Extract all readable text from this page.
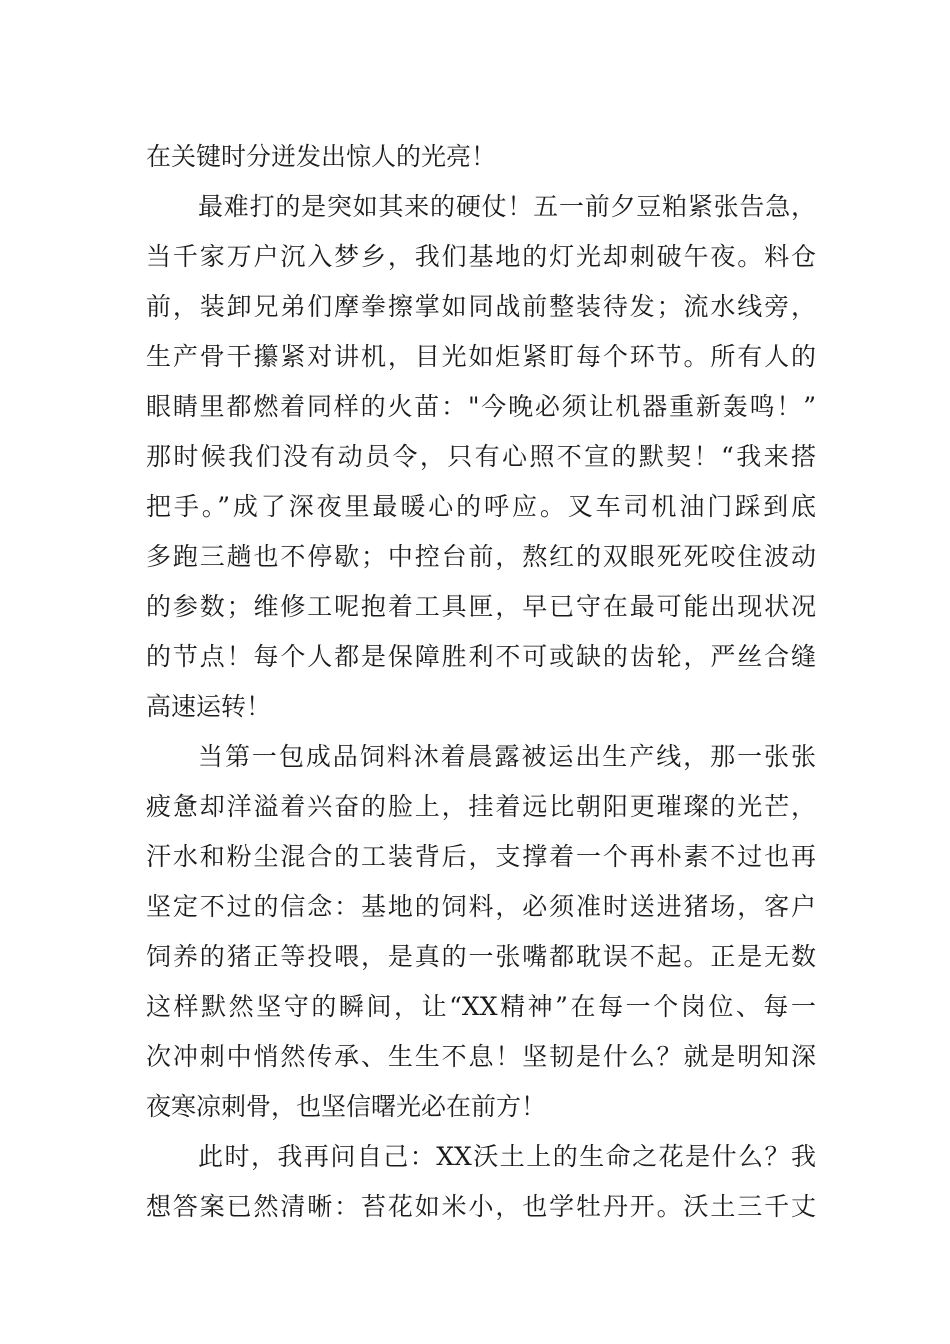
在关键时分迸发出惊人的光亮！
最难打的是突如其来的硬仗！五一前夕豆粕紧张告急，
当千家万户沉入梦乡，我们基地的灯光却刺破午夜。料仓
前，装卸兄弟们摩拳擦掌如同战前整装待发；流水线旁，
生产骨干攥紧对讲机，目光如炬紧盯每个环节。所有人的
眼睛里都燃着同样的火苗："今晚必须让机器重新轰鸣！”
那时候我们没有动员令，只有心照不宣的默契！“我来搭
把手。”成了深夜里最暖心的呼应。叉车司机油门踩到底
多跑三趟也不停歇；中控台前，熬红的双眼死死咬住波动
的参数；维修工呢抱着工具匣，早已守在最可能出现状况
的节点！每个人都是保障胜利不可或缺的齿轮，严丝合缝
高速运转！
当第一包成品饲料沐着晨露被运出生产线，那一张张
疲惫却洋溢着兴奋的脸上，挂着远比朝阳更璀璨的光芒，
汗水和粉尘混合的工装背后，支撑着一个再朴素不过也再
坚定不过的信念：基地的饲料，必须准时送进猪场，客户
饲养的猪正等投喂，是真的一张嘴都耽误不起。正是无数
这样默然坚守的瞬间，让“XX精神”在每一个岗位、每一
次冲刺中悄然传承、生生不息！坚韧是什么？就是明知深
夜寒凉刺骨，也坚信曙光必在前方！
此时，我再问自己：XX沃土上的生命之花是什么？我
想答案已然清晰：苔花如米小，也学牡丹开。沃土三千丈
